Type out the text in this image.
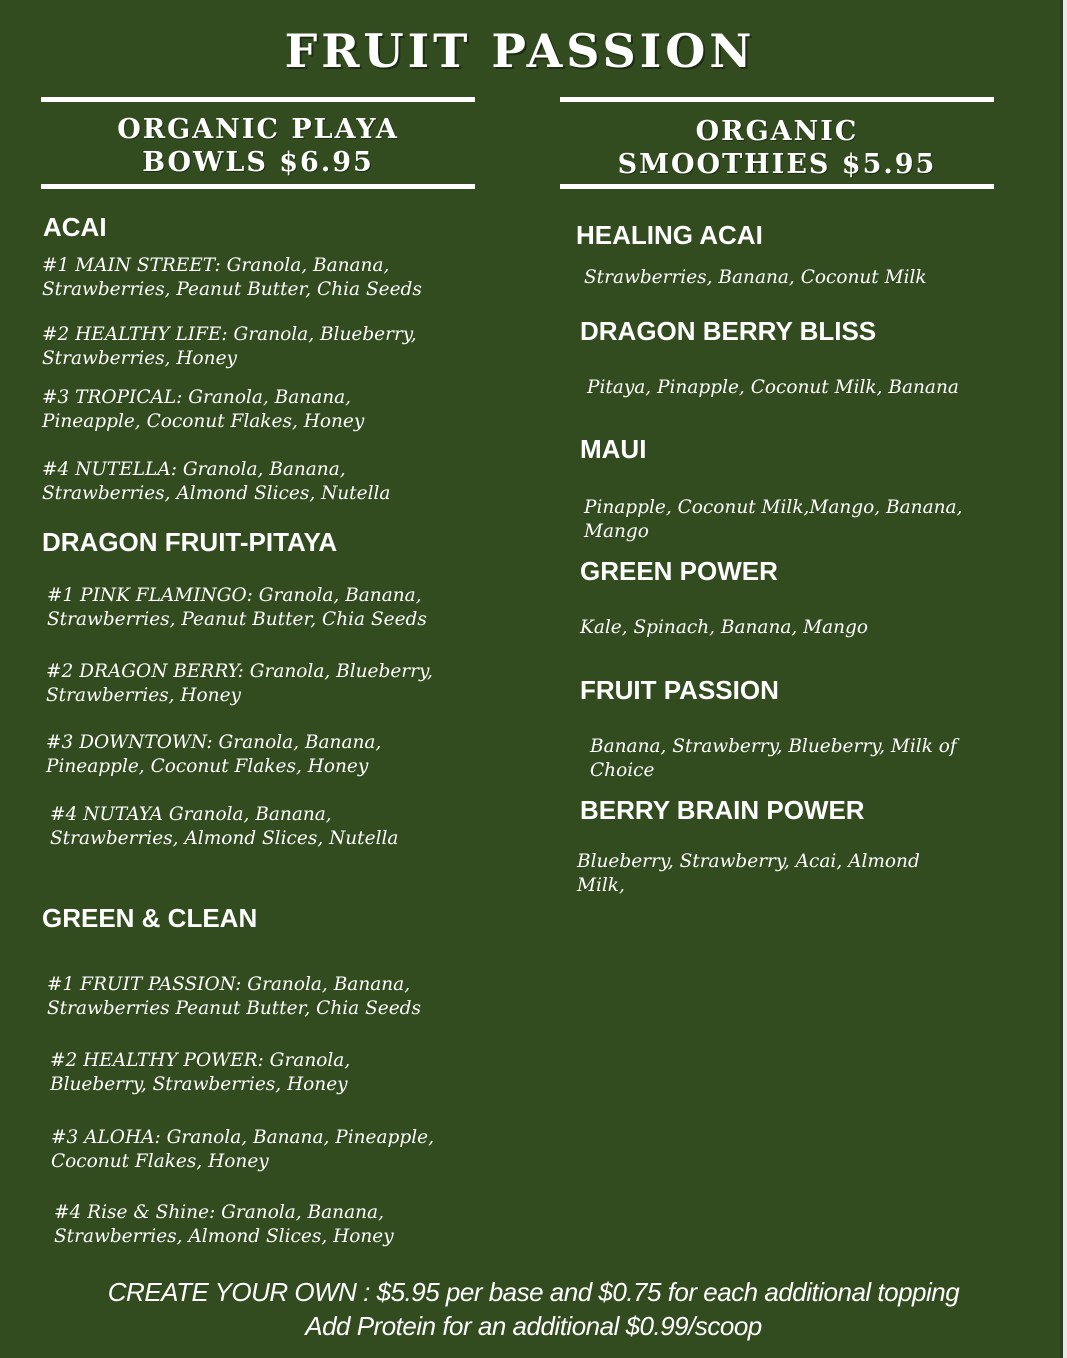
FRUIT PASSION
ORGANIC PLAYA
BOWLS $6.95
ORGANIC
SMOOTHIES $5.95
ACAI
#1 MAIN STREET: Granola, Banana,
Strawberries, Peanut Butter, Chia Seeds
#2 HEALTHY LIFE: Granola, Blueberry,
Strawberries, Honey
#3 TROPICAL: Granola, Banana,
Pineapple, Coconut Flakes, Honey
#4 NUTELLA: Granola, Banana,
Strawberries, Almond Slices, Nutella
DRAGON FRUIT-PITAYA
#1 PINK FLAMINGO: Granola, Banana,
Strawberries, Peanut Butter, Chia Seeds
#2 DRAGON BERRY: Granola, Blueberry,
Strawberries, Honey
#3 DOWNTOWN: Granola, Banana,
Pineapple, Coconut Flakes, Honey
#4 NUTAYA Granola, Banana,
Strawberries, Almond Slices, Nutella
GREEN & CLEAN
#1 FRUIT PASSION: Granola, Banana,
Strawberries Peanut Butter, Chia Seeds
#2 HEALTHY POWER: Granola,
Blueberry, Strawberries, Honey
#3 ALOHA: Granola, Banana, Pineapple,
Coconut Flakes, Honey
#4 Rise & Shine: Granola, Banana,
Strawberries, Almond Slices, Honey
HEALING ACAI
Strawberries, Banana, Coconut Milk
DRAGON BERRY BLISS
Pitaya, Pinapple, Coconut Milk, Banana
MAUI
Pinapple, Coconut Milk,Mango, Banana,
Mango
GREEN POWER
Kale, Spinach, Banana, Mango
FRUIT PASSION
Banana, Strawberry, Blueberry, Milk of
Choice
BERRY BRAIN POWER
Blueberry, Strawberry, Acai, Almond
Milk,
CREATE YOUR OWN : $5.95 per base and $0.75 for each additional topping
Add Protein for an additional $0.99/scoop
